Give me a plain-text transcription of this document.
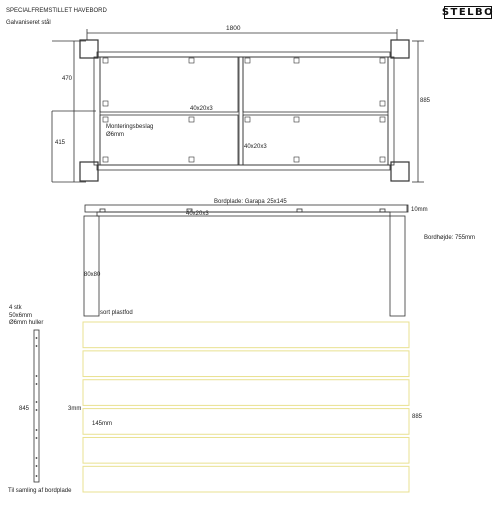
SPECIALFREMSTILLET HAVEBORD
Galvaniseret stål
1800
885
470
415
40x20x3
40x20x3
Monteringsbeslag
Ø6mm
Bordplade: Garapa 25x145
10mm
40x20x3
Bordhøjde: 755mm
80x80
sort plastfod
4 stk
50x6mm
Ø6mm huller
845
Til samling af bordplade
3mm
145mm
885
STELBO
